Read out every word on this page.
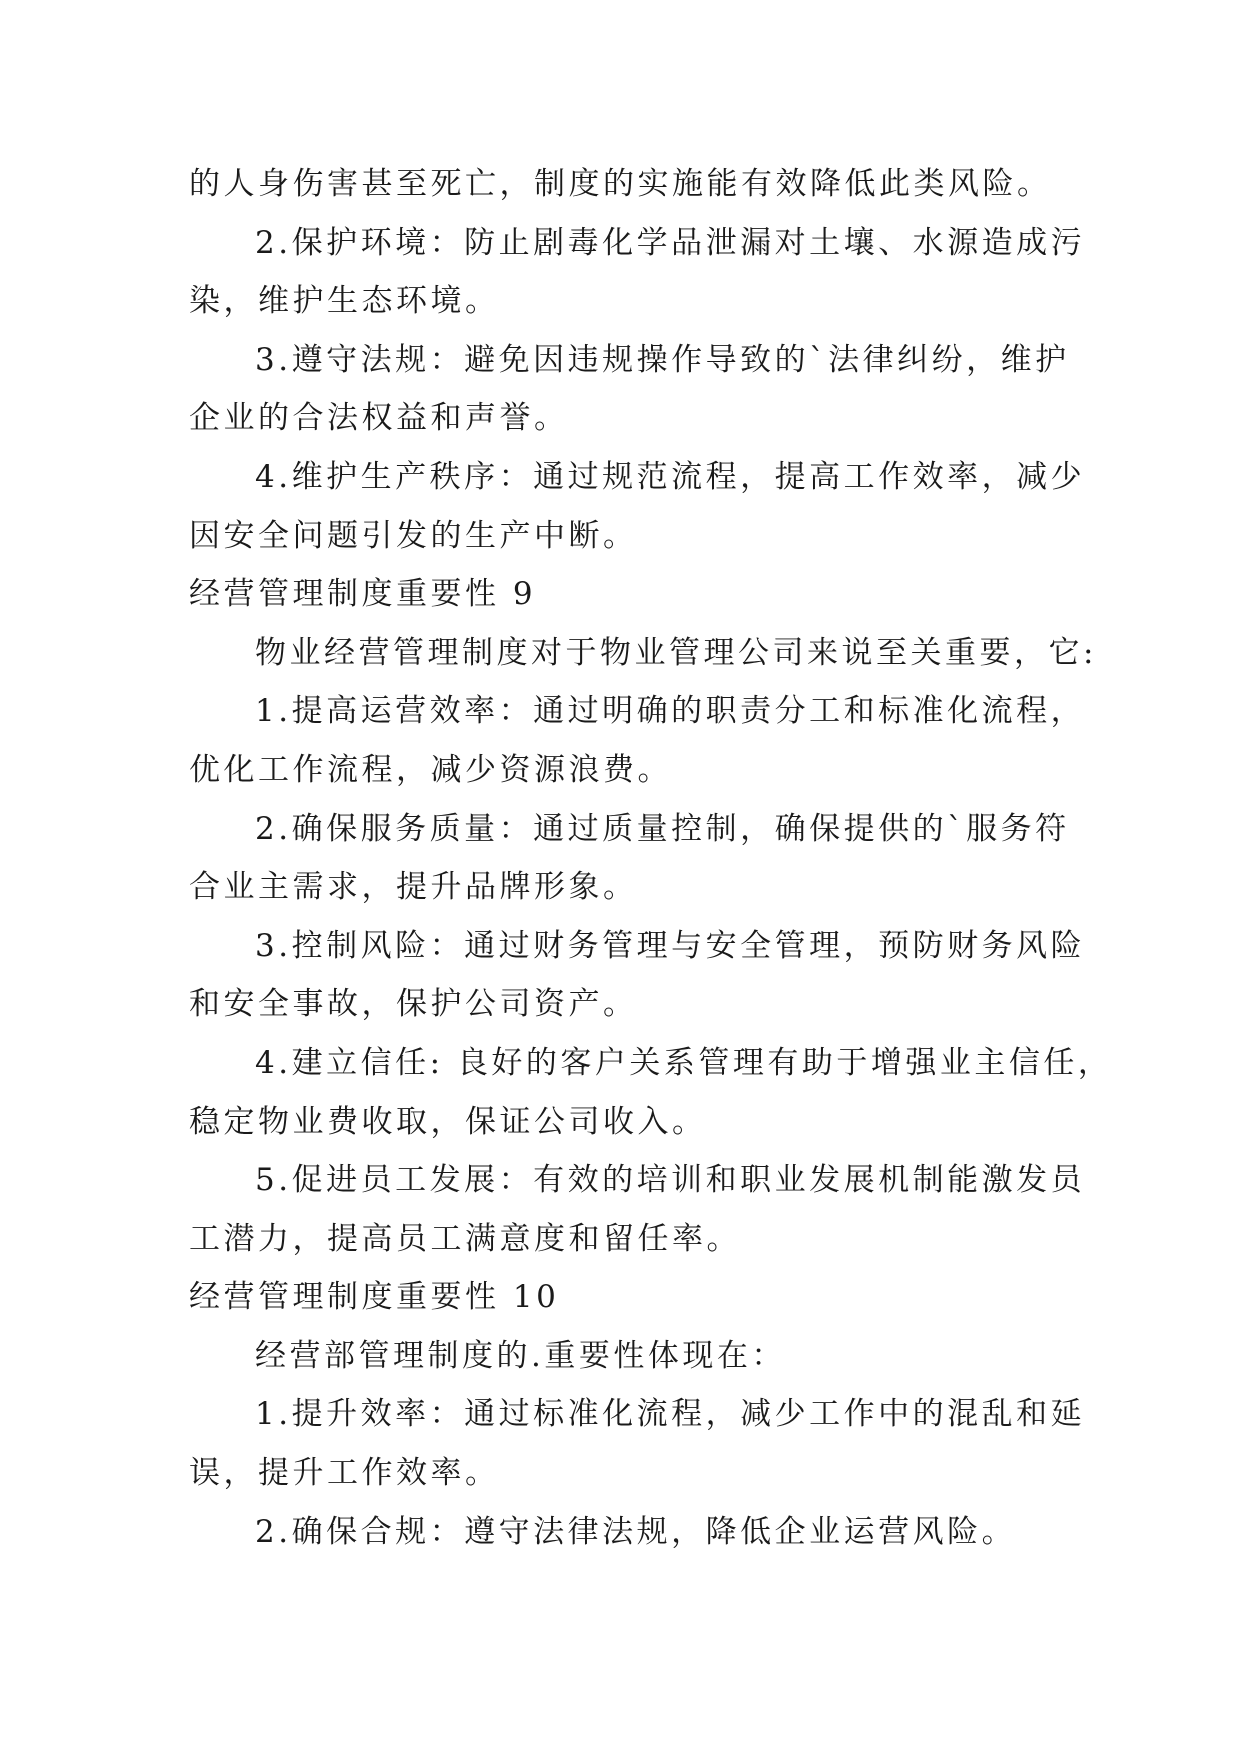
的人身伤害甚至死亡，制度的实施能有效降低此类风险。

2.保护环境：防止剧毒化学品泄漏对土壤、水源造成污

染，维护生态环境。

3.遵守法规：避免因违规操作导致的`法律纠纷，维护

企业的合法权益和声誉。

4.维护生产秩序：通过规范流程，提高工作效率，减少

因安全问题引发的生产中断。

经营管理制度重要性 9

物业经营管理制度对于物业管理公司来说至关重要，它:

1.提高运营效率：通过明确的职责分工和标准化流程，

优化工作流程，减少资源浪费。

2.确保服务质量：通过质量控制，确保提供的`服务符

合业主需求，提升品牌形象。

3.控制风险：通过财务管理与安全管理，预防财务风险

和安全事故，保护公司资产。

4.建立信任: 良好的客户关系管理有助于增强业主信任，

稳定物业费收取，保证公司收入。

5.促进员工发展：有效的培训和职业发展机制能激发员

工潜力，提高员工满意度和留任率。

经营管理制度重要性 10

经营部管理制度的.重要性体现在：

1.提升效率：通过标准化流程，减少工作中的混乱和延

误，提升工作效率。

2.确保合规：遵守法律法规，降低企业运营风险。
